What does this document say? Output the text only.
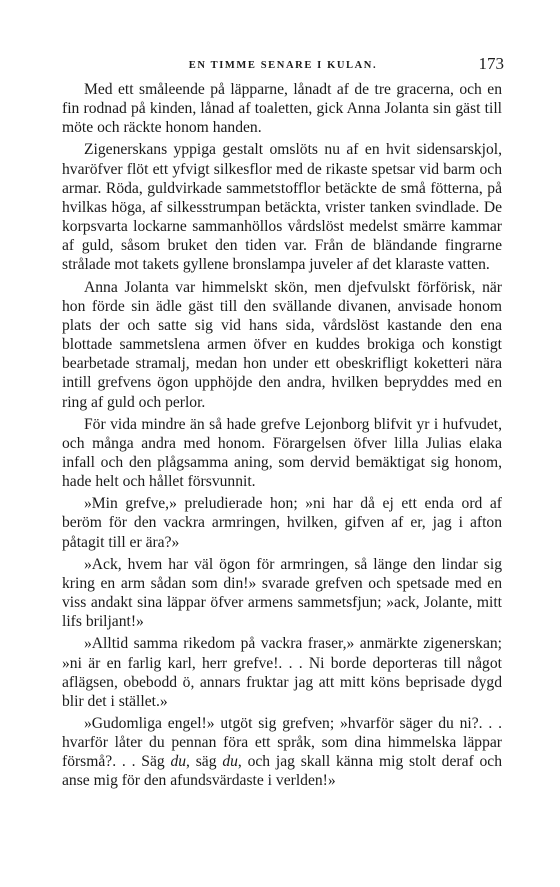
EN TIMME SENARE I KULAN.	173

Med ett småleende på läpparne, lånadt af de tre gracerna, och en fin rodnad på kinden, lånad af toaletten, gick Anna Jolanta sin gäst till möte och räckte honom handen.

Zigenerskans yppiga gestalt omslöts nu af en hvit sidensarskjol, hvaröfver flöt ett yfvigt silkesflor med de rikaste spetsar vid barm och armar. Röda, guldvirkade sammetstofflor betäckte de små fötterna, på hvilkas höga, af silkesstrumpan betäckta, vrister tanken svindlade. De korpsvarta lockarne sammanhöllos vårdslöst medelst smärre kammar af guld, såsom bruket den tiden var. Från de bländande fingrarne strålade mot takets gyllene bronslampa juveler af det klaraste vatten.

Anna Jolanta var himmelskt skön, men djefvulskt förförisk, när hon förde sin ädle gäst till den svällande divanen, anvisade honom plats der och satte sig vid hans sida, vårdslöst kastande den ena blottade sammetslena armen öfver en kuddes brokiga och konstigt bearbetade stramalj, medan hon under ett obeskrifligt koketteri nära intill grefvens ögon upphöjde den andra, hvilken bepryddes med en ring af guld och perlor.

För vida mindre än så hade grefve Lejonborg blifvit yr i hufvudet, och många andra med honom. Förargelsen öfver lilla Julias elaka infall och den plågsamma aning, som dervid bemäktigat sig honom, hade helt och hållet försvunnit.

»Min grefve,» preludierade hon; »ni har då ej ett enda ord af beröm för den vackra armringen, hvilken, gifven af er, jag i afton påtagit till er ära?»

»Ack, hvem har väl ögon för armringen, så länge den lindar sig kring en arm sådan som din!» svarade grefven och spetsade med en viss andakt sina läppar öfver armens sammetsfjun; »ack, Jolante, mitt lifs briljant!»

»Alltid samma rikedom på vackra fraser,» anmärkte zigenerskan; »ni är en farlig karl, herr grefve!. . . Ni borde deporteras till något aflägsen, obebodd ö, annars fruktar jag att mitt köns beprisade dygd blir det i stället.»

»Gudomliga engel!» utgöt sig grefven; »hvarför säger du ni?. . . hvarför låter du pennan föra ett språk, som dina himmelska läppar försmå?. . . Säg du, säg du, och jag skall känna mig stolt deraf och anse mig för den afundsvärdaste i verlden!»
